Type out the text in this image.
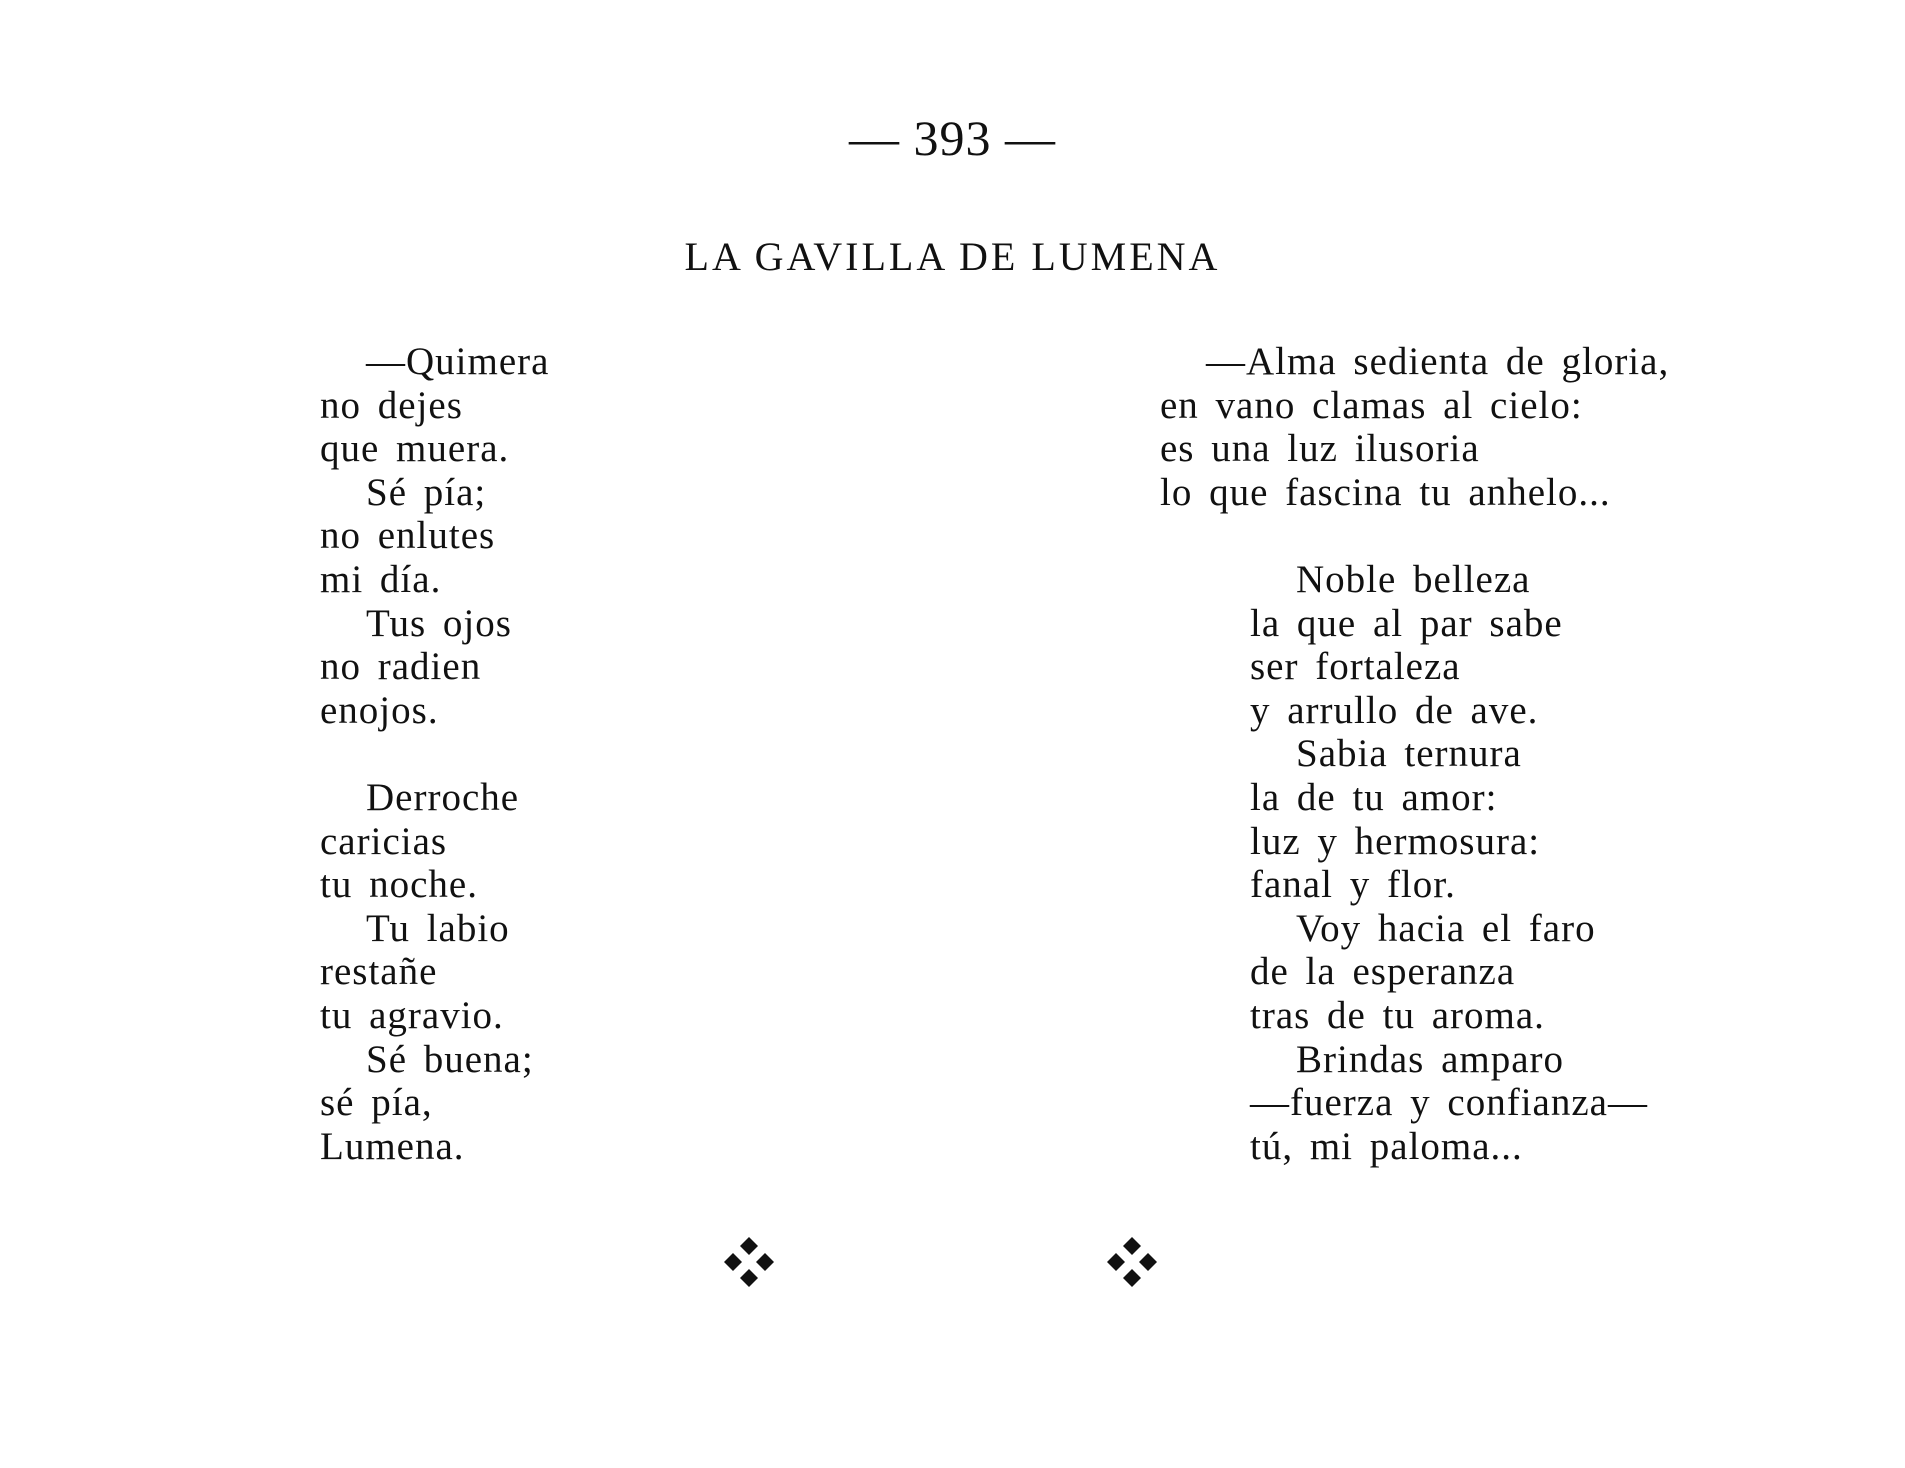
— 393 —
LA GAVILLA DE LUMENA
—Quimera
no dejes
que muera.
Sé pía;
no enlutes
mi día.
Tus ojos
no radien
enojos.
Derroche
caricias
tu noche.
Tu labio
restañe
tu agravio.
Sé buena;
sé pía,
Lumena.
—Alma sedienta de gloria,
en vano clamas al cielo:
es una luz ilusoria
lo que fascina tu anhelo...
Noble belleza
la que al par sabe
ser fortaleza
y arrullo de ave.
Sabia ternura
la de tu amor:
luz y hermosura:
fanal y flor.
Voy hacia el faro
de la esperanza
tras de tu aroma.
Brindas amparo
—fuerza y confianza—
tú, mi paloma...
